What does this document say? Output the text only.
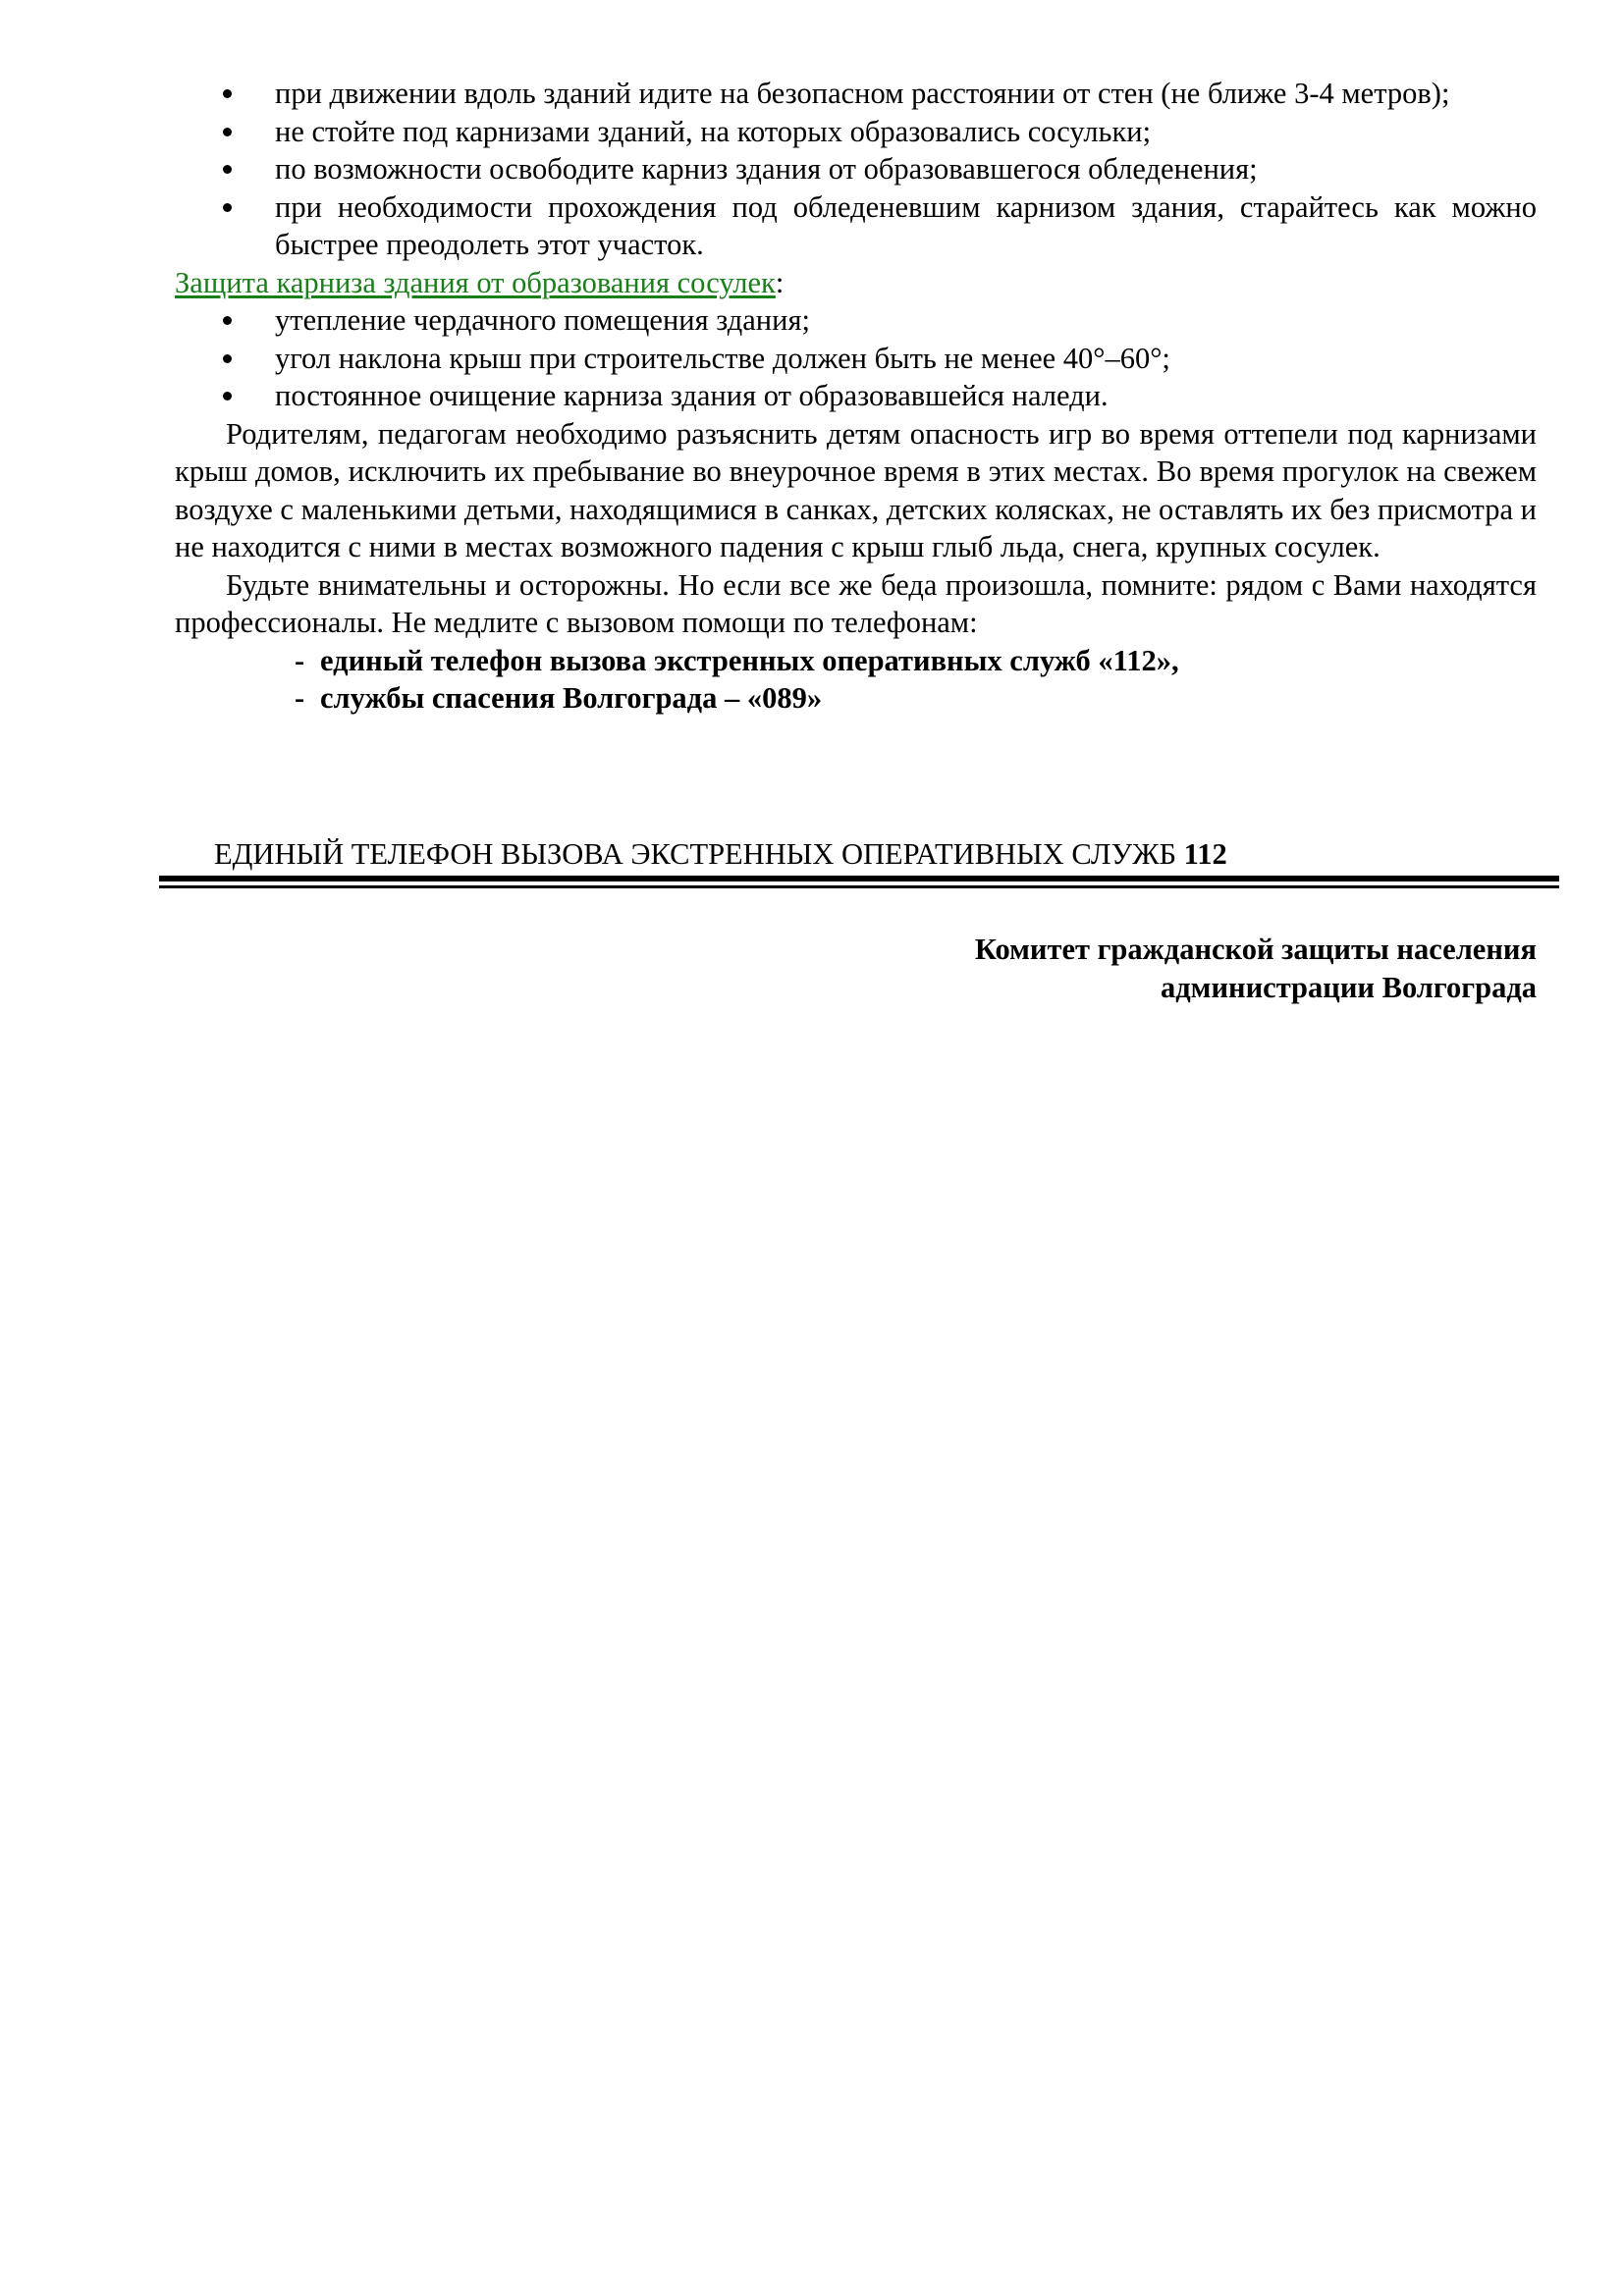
при движении вдоль зданий идите на безопасном расстоянии от стен (не ближе 3-4 метров);
не стойте под карнизами зданий, на которых образовались сосульки;
по возможности освободите карниз здания от образовавшегося обледенения;
при необходимости прохождения под обледеневшим карнизом здания, старайтесь как можно быстрее преодолеть этот участок.
Защита карниза здания от образования сосулек:
утепление чердачного помещения здания;
угол наклона крыш при строительстве должен быть не менее 40°–60°;
постоянное очищение карниза здания от образовавшейся наледи.

Родителям, педагогам необходимо разъяснить детям опасность игр во время оттепели под карнизами крыш домов, исключить их пребывание во внеурочное время в этих местах. Во время прогулок на свежем воздухе с маленькими детьми, находящимися в санках, детских колясках, не оставлять их без присмотра и не находится с ними в местах возможного падения с крыш глыб льда, снега, крупных сосулек.

Будьте внимательны и осторожны. Но если все же беда произошла, помните: рядом с Вами находятся профессионалы. Не медлите с вызовом помощи по телефонам:

- единый телефон вызова экстренных оперативных служб «112»,
- службы спасения Волгограда – «089»
ЕДИНЫЙ ТЕЛЕФОН ВЫЗОВА ЭКСТРЕННЫХ ОПЕРАТИВНЫХ СЛУЖБ 112
Комитет гражданской защиты населения
администрации Волгограда
